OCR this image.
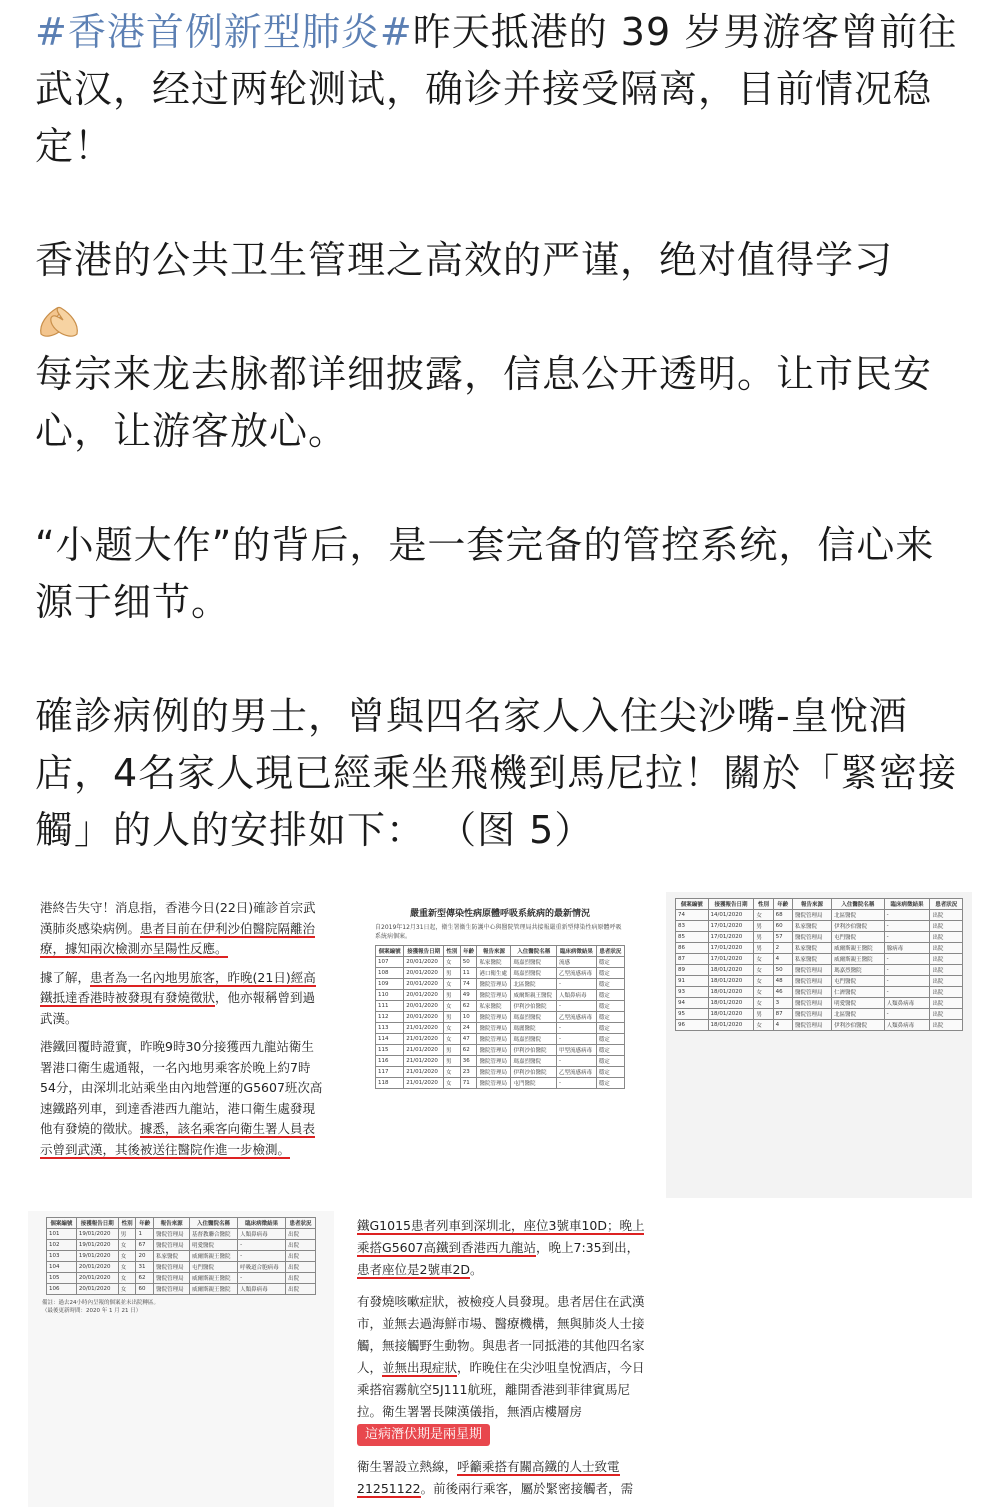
#香港首例新型肺炎#昨天抵港的 39 岁男游客曾前往武汉，经过两轮测试，确诊并接受隔离，目前情况稳定！

香港的公共卫生管理之高效的严谨，绝对值得学习

每宗来龙去脉都详细披露，信息公开透明。让市民安心，让游客放心。

“小题大作”的背后，是一套完备的管控系统，信心来源于细节。

確診病例的男士，曾與四名家人入住尖沙嘴-皇悅酒店，4名家人現已經乘坐飛機到馬尼拉！關於「緊密接觸」的人的安排如下： （图 5）

港終告失守！消息指，香港今日(22日)確診首宗武漢肺炎感染病例。患者目前在伊利沙伯醫院隔離治療，據知兩次檢測亦呈陽性反應。

據了解，患者為一名內地男旅客，昨晚(21日)經高鐵抵達香港時被發現有發燒徵狀，他亦報稱曾到過武漢。

港鐵回覆時證實，昨晚9時30分接獲西九龍站衛生署港口衛生處通報，一名內地男乘客於晚上約7時54分，由深圳北站乘坐由內地營運的G5607班次高速鐵路列車，到達香港西九龍站，港口衛生處發現他有發燒的徵狀。據悉，該名乘客向衛生署人員表示曾到武漢，其後被送往醫院作進一步檢測。

嚴重新型傳染性病原體呼吸系統病的最新情況
自2019年12月31日起，衛生署衞生防護中心與醫院管理局共接報嚴重新型傳染性病原體呼吸系統病個案。
個案編號	接獲報告日期	性別	年齡	報告來源	入住醫院名稱	臨床病徵結果	患者狀況
107	20/01/2020	女	50	私家醫院	瑪嘉烈醫院	流感	穩定
108	20/01/2020	男	11	港口衛生處	瑪嘉烈醫院	乙型流感病毒	穩定
109	20/01/2020	女	74	醫院管理局	北區醫院	-	穩定
110	20/01/2020	男	49	醫院管理局	威爾斯親王醫院	人類鼻病毒	穩定
111	20/01/2020	女	62	私家醫院	伊利沙伯醫院	-	穩定
112	20/01/2020	男	10	醫院管理局	瑪嘉烈醫院	乙型流感病毒	穩定
113	21/01/2020	女	24	醫院管理局	瑪麗醫院	-	穩定
114	21/01/2020	女	47	醫院管理局	瑪嘉烈醫院	-	穩定
115	21/01/2020	男	62	醫院管理局	伊利沙伯醫院	甲型流感病毒	穩定
116	21/01/2020	男	36	醫院管理局	瑪嘉烈醫院	-	穩定
117	21/01/2020	女	23	醫院管理局	伊利沙伯醫院	乙型流感病毒	穩定
118	21/01/2020	女	71	醫院管理局	屯門醫院	-	穩定
個案編號	接獲報告日期	性別	年齡	報告來源	入住醫院名稱	臨床病徵結果	患者狀況
74	14/01/2020	女	68	醫院管理局	北區醫院	-	出院
83	17/01/2020	男	60	私家醫院	伊利沙伯醫院	-	出院
85	17/01/2020	男	57	醫院管理局	屯門醫院	-	出院
86	17/01/2020	男	2	私家醫院	威爾斯親王醫院	腺病毒	出院
87	17/01/2020	女	4	私家醫院	威爾斯親王醫院	-	出院
89	18/01/2020	女	50	醫院管理局	瑪嘉烈醫院	-	出院
91	18/01/2020	女	48	醫院管理局	屯門醫院	-	出院
93	18/01/2020	女	46	醫院管理局	仁濟醫院	-	出院
94	18/01/2020	女	3	醫院管理局	明愛醫院	人類鼻病毒	出院
95	18/01/2020	男	87	醫院管理局	北區醫院	-	出院
96	18/01/2020	女	4	醫院管理局	伊利沙伯醫院	人類鼻病毒	出院
個案編號	接獲報告日期	性別	年齡	報告來源	入住醫院名稱	臨床病徵結果	患者狀況
101	19/01/2020	男	1	醫院管理局	基督教聯合醫院	人類鼻病毒	出院
102	19/01/2020	女	67	醫院管理局	明愛醫院	-	出院
103	19/01/2020	女	20	私家醫院	威爾斯親王醫院	-	出院
104	20/01/2020	女	31	醫院管理局	屯門醫院	呼吸道合胞病毒	出院
105	20/01/2020	女	62	醫院管理局	威爾斯親王醫院	-	出院
106	20/01/2020	女	60	醫院管理局	威爾斯親王醫院	人類鼻病毒	出院
備註：過去24小時內呈報的個案並未出院轉區。
（最後更新時間：2020 年 1 月 21 日）

鐵G1015患者列車到深圳北，座位3號車10D；晚上乘搭G5607高鐵到香港西九龍站，晚上7:35到出，患者座位是2號車2D。

有發燒咳嗽症狀，被檢疫人員發現。患者居住在武漢市，並無去過海鮮市場、醫療機構，無與肺炎人士接觸，無接觸野生動物。與患者一同抵港的其他四名家人，並無出現症狀，昨晚住在尖沙咀皇悅酒店，今日乘搭宿霧航空5J111航班，離開香港到菲律賓馬尼拉。衛生署署長陳漢儀指，無酒店樓層房這病潛伏期是兩星期

衛生署設立熱線，呼籲乘搭有關高鐵的人士致電21251122。前後兩行乘客，屬於緊密接觸者，需
